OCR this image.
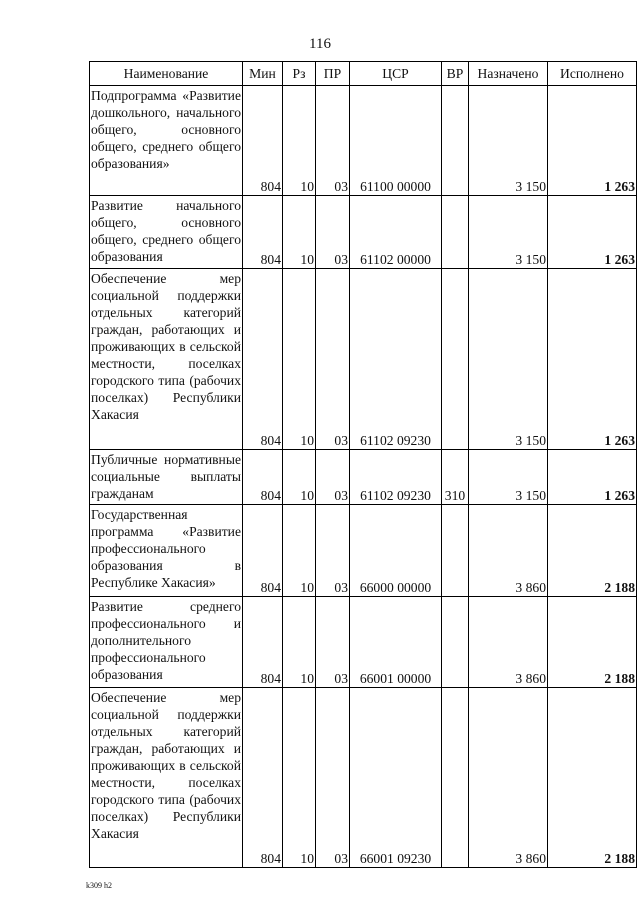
116
Наименование	Мин	Рз	ПР	ЦСР	ВР	Назначено	Исполнено
Подпрограмма «Развитие дошкольного, начального общего, основного общего, среднего общего образования»	804	10	03	61100 00000		3 150	1 263
Развитие начального общего, основного общего, среднего общего образования	804	10	03	61102 00000		3 150	1 263
Обеспечение мер социальной поддержки отдельных категорий граждан, работающих и проживающих в сельской местности, поселках городского типа (рабочих поселках) Республики Хакасия	804	10	03	61102 09230		3 150	1 263
Публичные нормативные социальные выплаты гражданам	804	10	03	61102 09230	310	3 150	1 263
Государственная программа «Развитие профессионального образования в Республике Хакасия»	804	10	03	66000 00000		3 860	2 188
Развитие среднего профессионального и дополнительного профессионального образования	804	10	03	66001 00000		3 860	2 188
Обеспечение мер социальной поддержки отдельных категорий граждан, работающих и проживающих в сельской местности, поселках городского типа (рабочих поселках) Республики Хакасия	804	10	03	66001 09230		3 860	2 188
k309 h2
